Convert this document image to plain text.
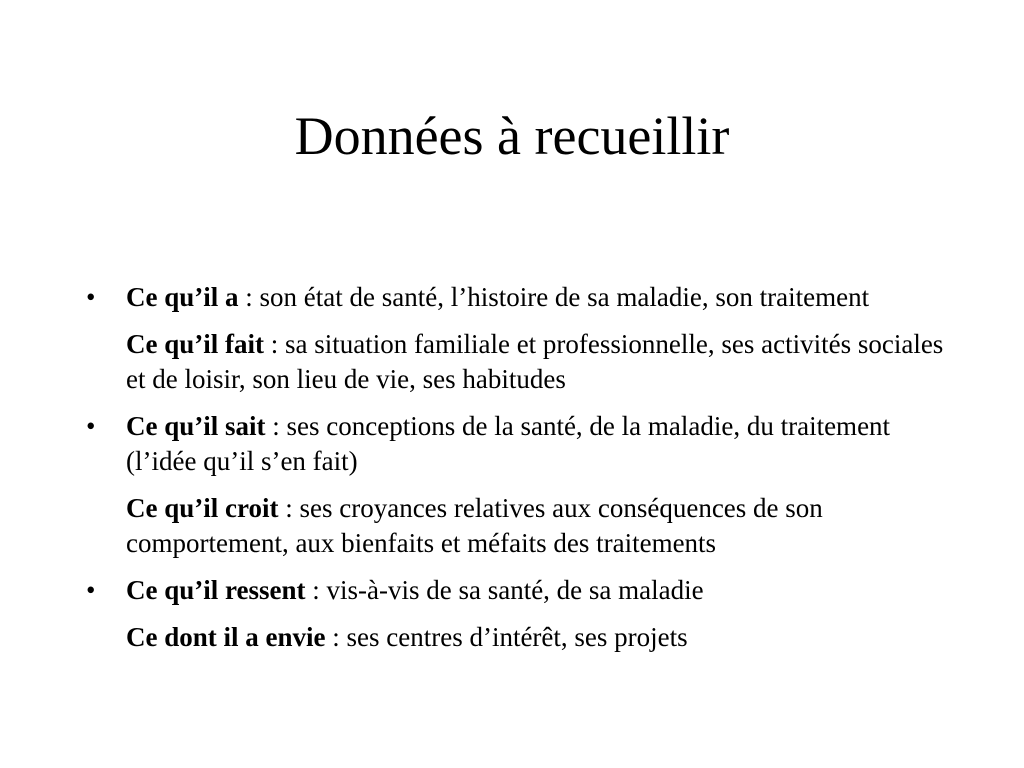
Données à recueillir
•	Ce qu’il a : son état de santé, l’histoire de sa maladie, son traitement
Ce qu’il fait : sa situation familiale et professionnelle, ses activités sociales et de loisir, son lieu de vie, ses habitudes
•	Ce qu’il sait : ses conceptions de la santé, de la maladie, du traitement (l’idée qu’il s’en fait)
Ce qu’il croit : ses croyances relatives aux conséquences de son comportement, aux bienfaits et méfaits des traitements
•	Ce qu’il ressent : vis-à-vis de sa santé, de sa maladie
Ce dont il a envie : ses centres d’intérêt, ses projets
